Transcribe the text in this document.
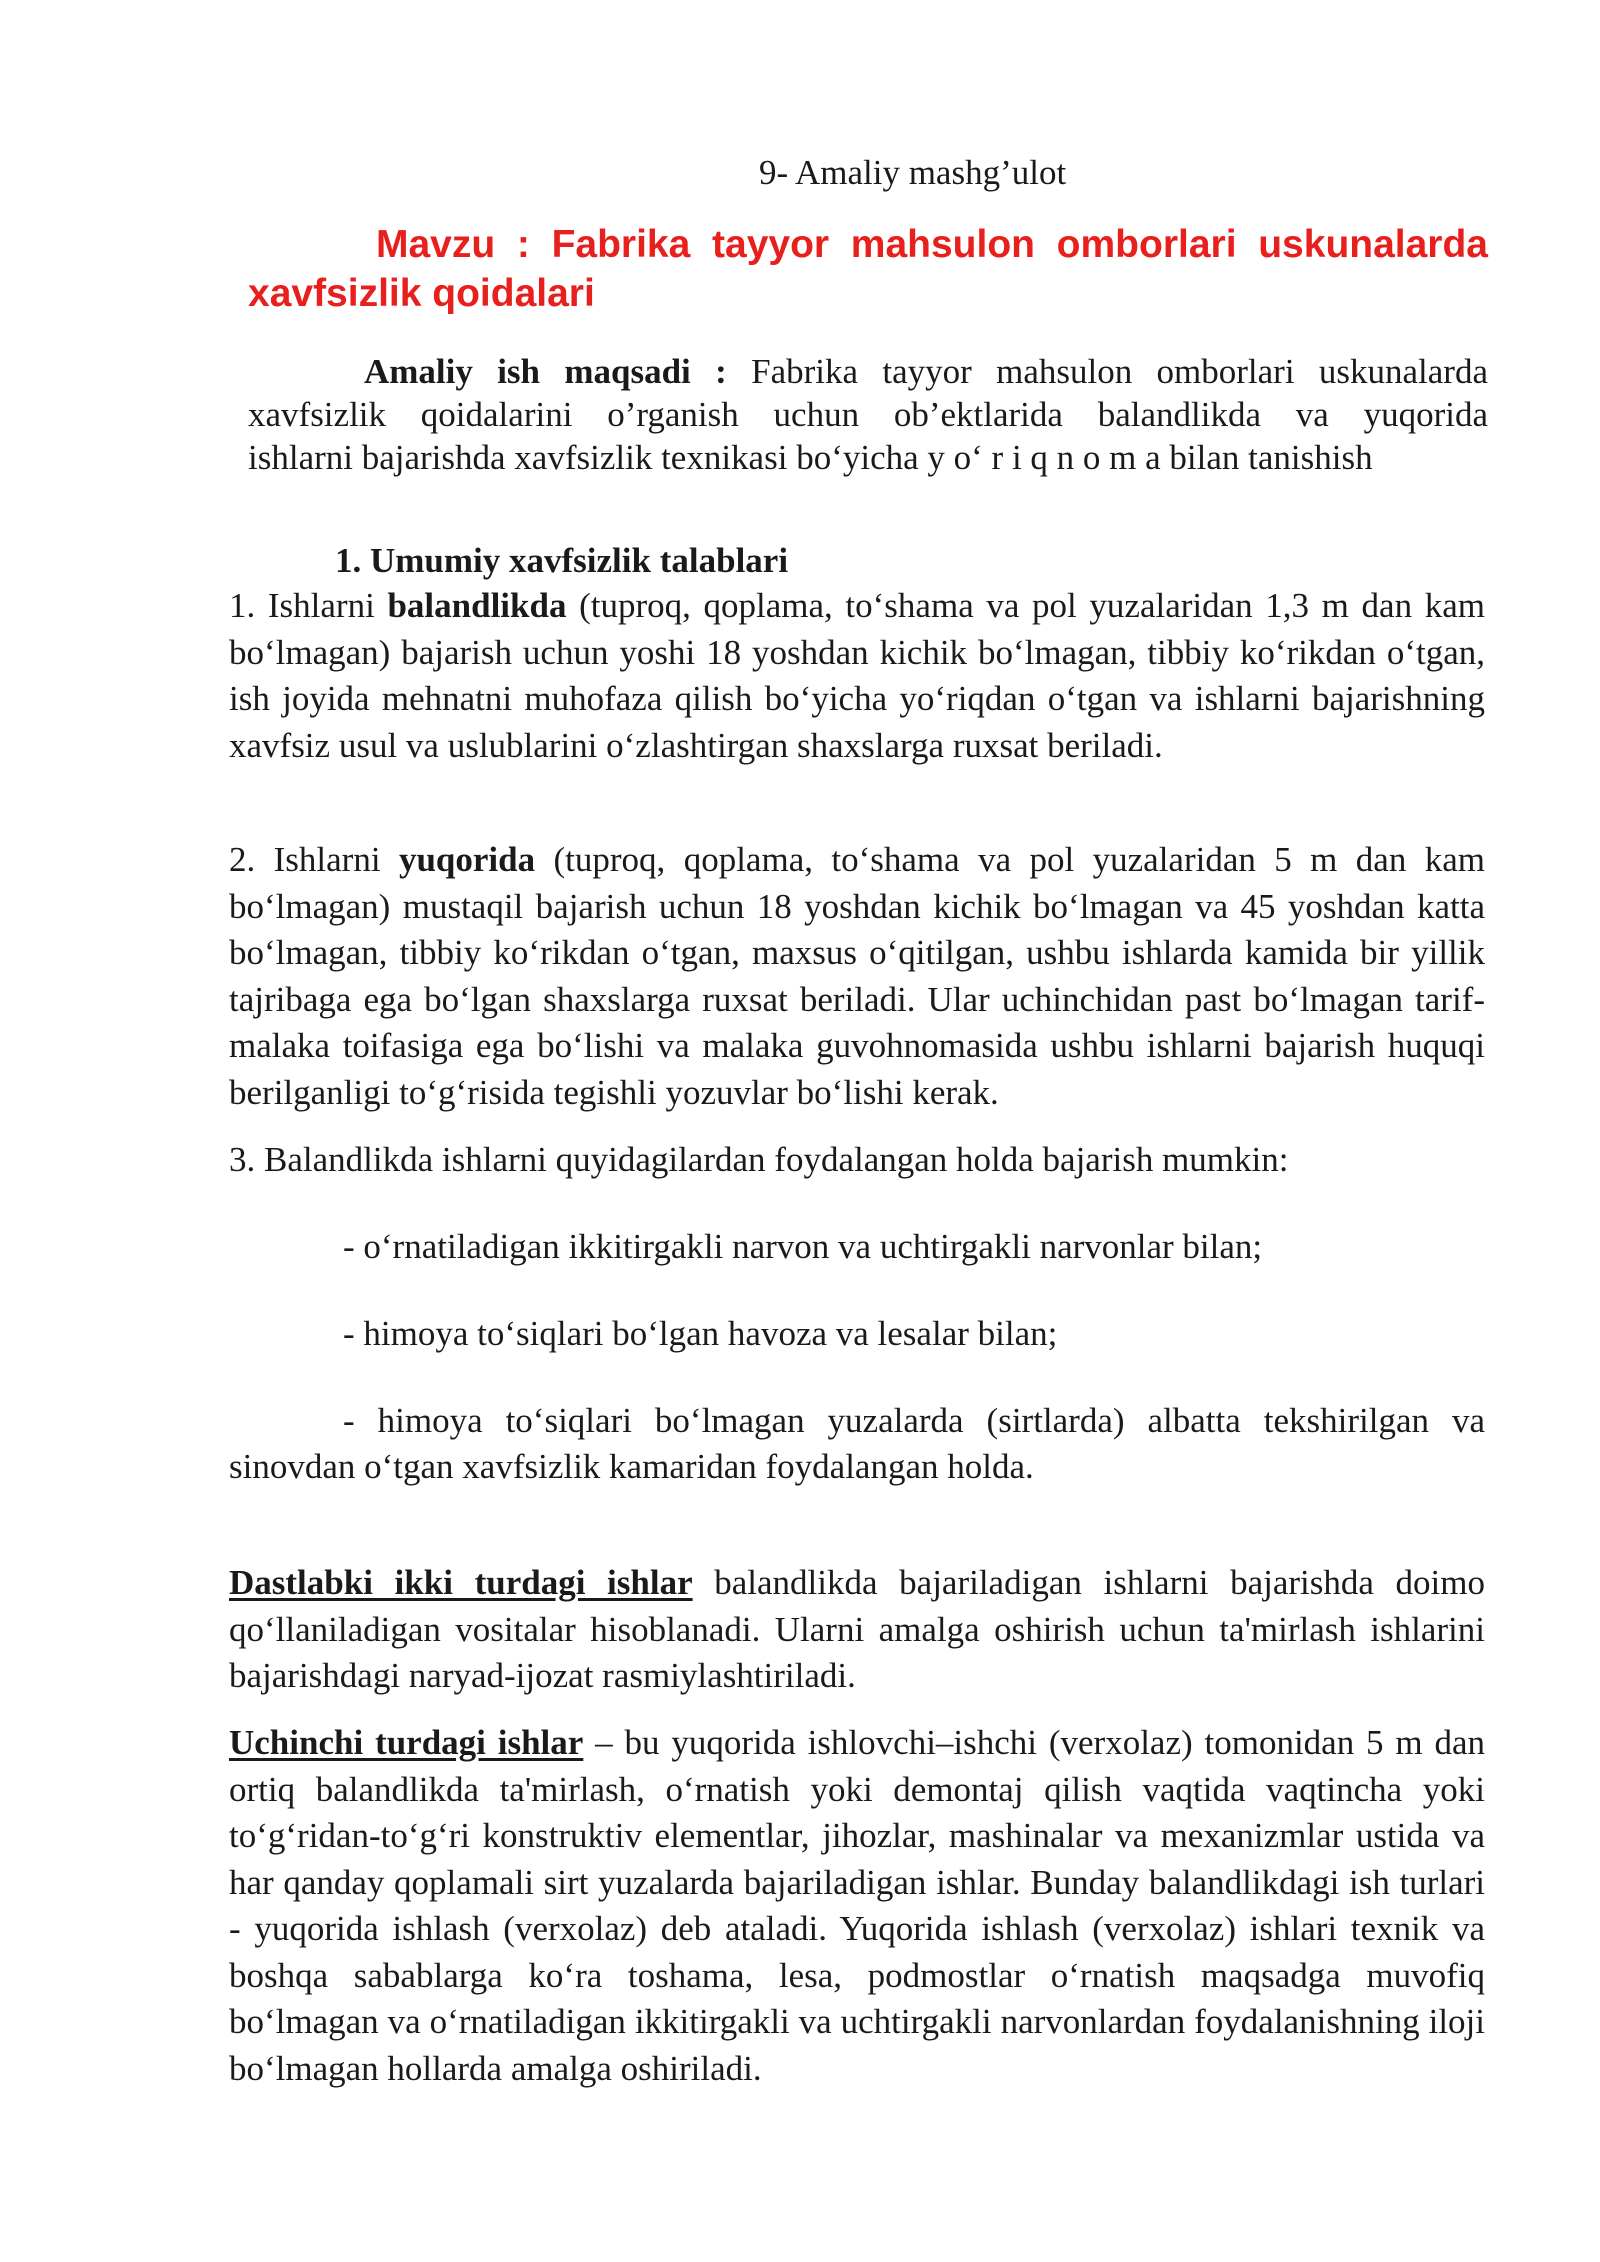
9- Amaliy mashg’ulot
Mavzu : Fabrika tayyor mahsulon omborlari uskunalarda
xavfsizlik qoidalari
Amaliy ish maqsadi : Fabrika tayyor mahsulon omborlari uskunalarda
xavfsizlik qoidalarini o’rganish uchun ob’ektlarida balandlikda va yuqorida
ishlarni bajarishda xavfsizlik texnikasi bo‘yicha y o‘ r i q n o m a bilan tanishish
1. Umumiy xavfsizlik talablari

1. Ishlarni balandlikda (tuproq, qoplama, to‘shama va pol yuzalaridan 1,3 m dan kam bo‘lmagan) bajarish uchun yoshi 18 yoshdan kichik bo‘lmagan, tibbiy ko‘rikdan o‘tgan, ish joyida mehnatni muhofaza qilish bo‘yicha yo‘riqdan o‘tgan va ishlarni bajarishning xavfsiz usul va uslublarini o‘zlashtirgan shaxslarga ruxsat beriladi.

2. Ishlarni yuqorida (tuproq, qoplama, to‘shama va pol yuzalaridan 5 m dan kam bo‘lmagan) mustaqil bajarish uchun 18 yoshdan kichik bo‘lmagan va 45 yoshdan katta bo‘lmagan, tibbiy ko‘rikdan o‘tgan, maxsus o‘qitilgan, ushbu ishlarda kamida bir yillik tajribaga ega bo‘lgan shaxslarga ruxsat beriladi. Ular uchinchidan past bo‘lmagan tarif-malaka toifasiga ega bo‘lishi va malaka guvohnomasida ushbu ishlarni bajarish huquqi berilganligi to‘g‘risida tegishli yozuvlar bo‘lishi kerak.

3. Balandlikda ishlarni quyidagilardan foydalangan holda bajarish mumkin:

- o‘rnatiladigan ikkitirgakli narvon va uchtirgakli narvonlar bilan;
- himoya to‘siqlari bo‘lgan havoza va lesalar bilan;
- himoya to‘siqlari bo‘lmagan yuzalarda (sirtlarda) albatta tekshirilgan va
sinovdan o‘tgan xavfsizlik kamaridan foydalangan holda.

Dastlabki ikki turdagi ishlar balandlikda bajariladigan ishlarni bajarishda doimo qo‘llaniladigan vositalar hisoblanadi. Ularni amalga oshirish uchun ta'mirlash ishlarini bajarishdagi naryad-ijozat rasmiylashtiriladi.

Uchinchi turdagi ishlar – bu yuqorida ishlovchi–ishchi (verxolaz) tomonidan 5 m dan ortiq balandlikda ta'mirlash, o‘rnatish yoki demontaj qilish vaqtida vaqtincha yoki to‘g‘ridan-to‘g‘ri konstruktiv elementlar, jihozlar, mashinalar va mexanizmlar ustida va har qanday qoplamali sirt yuzalarda bajariladigan ishlar. Bunday balandlikdagi ish turlari - yuqorida ishlash (verxolaz) deb ataladi. Yuqorida ishlash (verxolaz) ishlari texnik va boshqa sabablarga ko‘ra toshama, lesa, podmostlar o‘rnatish maqsadga muvofiq bo‘lmagan va o‘rnatiladigan ikkitirgakli va uchtirgakli narvonlardan foydalanishning iloji bo‘lmagan hollarda amalga oshiriladi.
